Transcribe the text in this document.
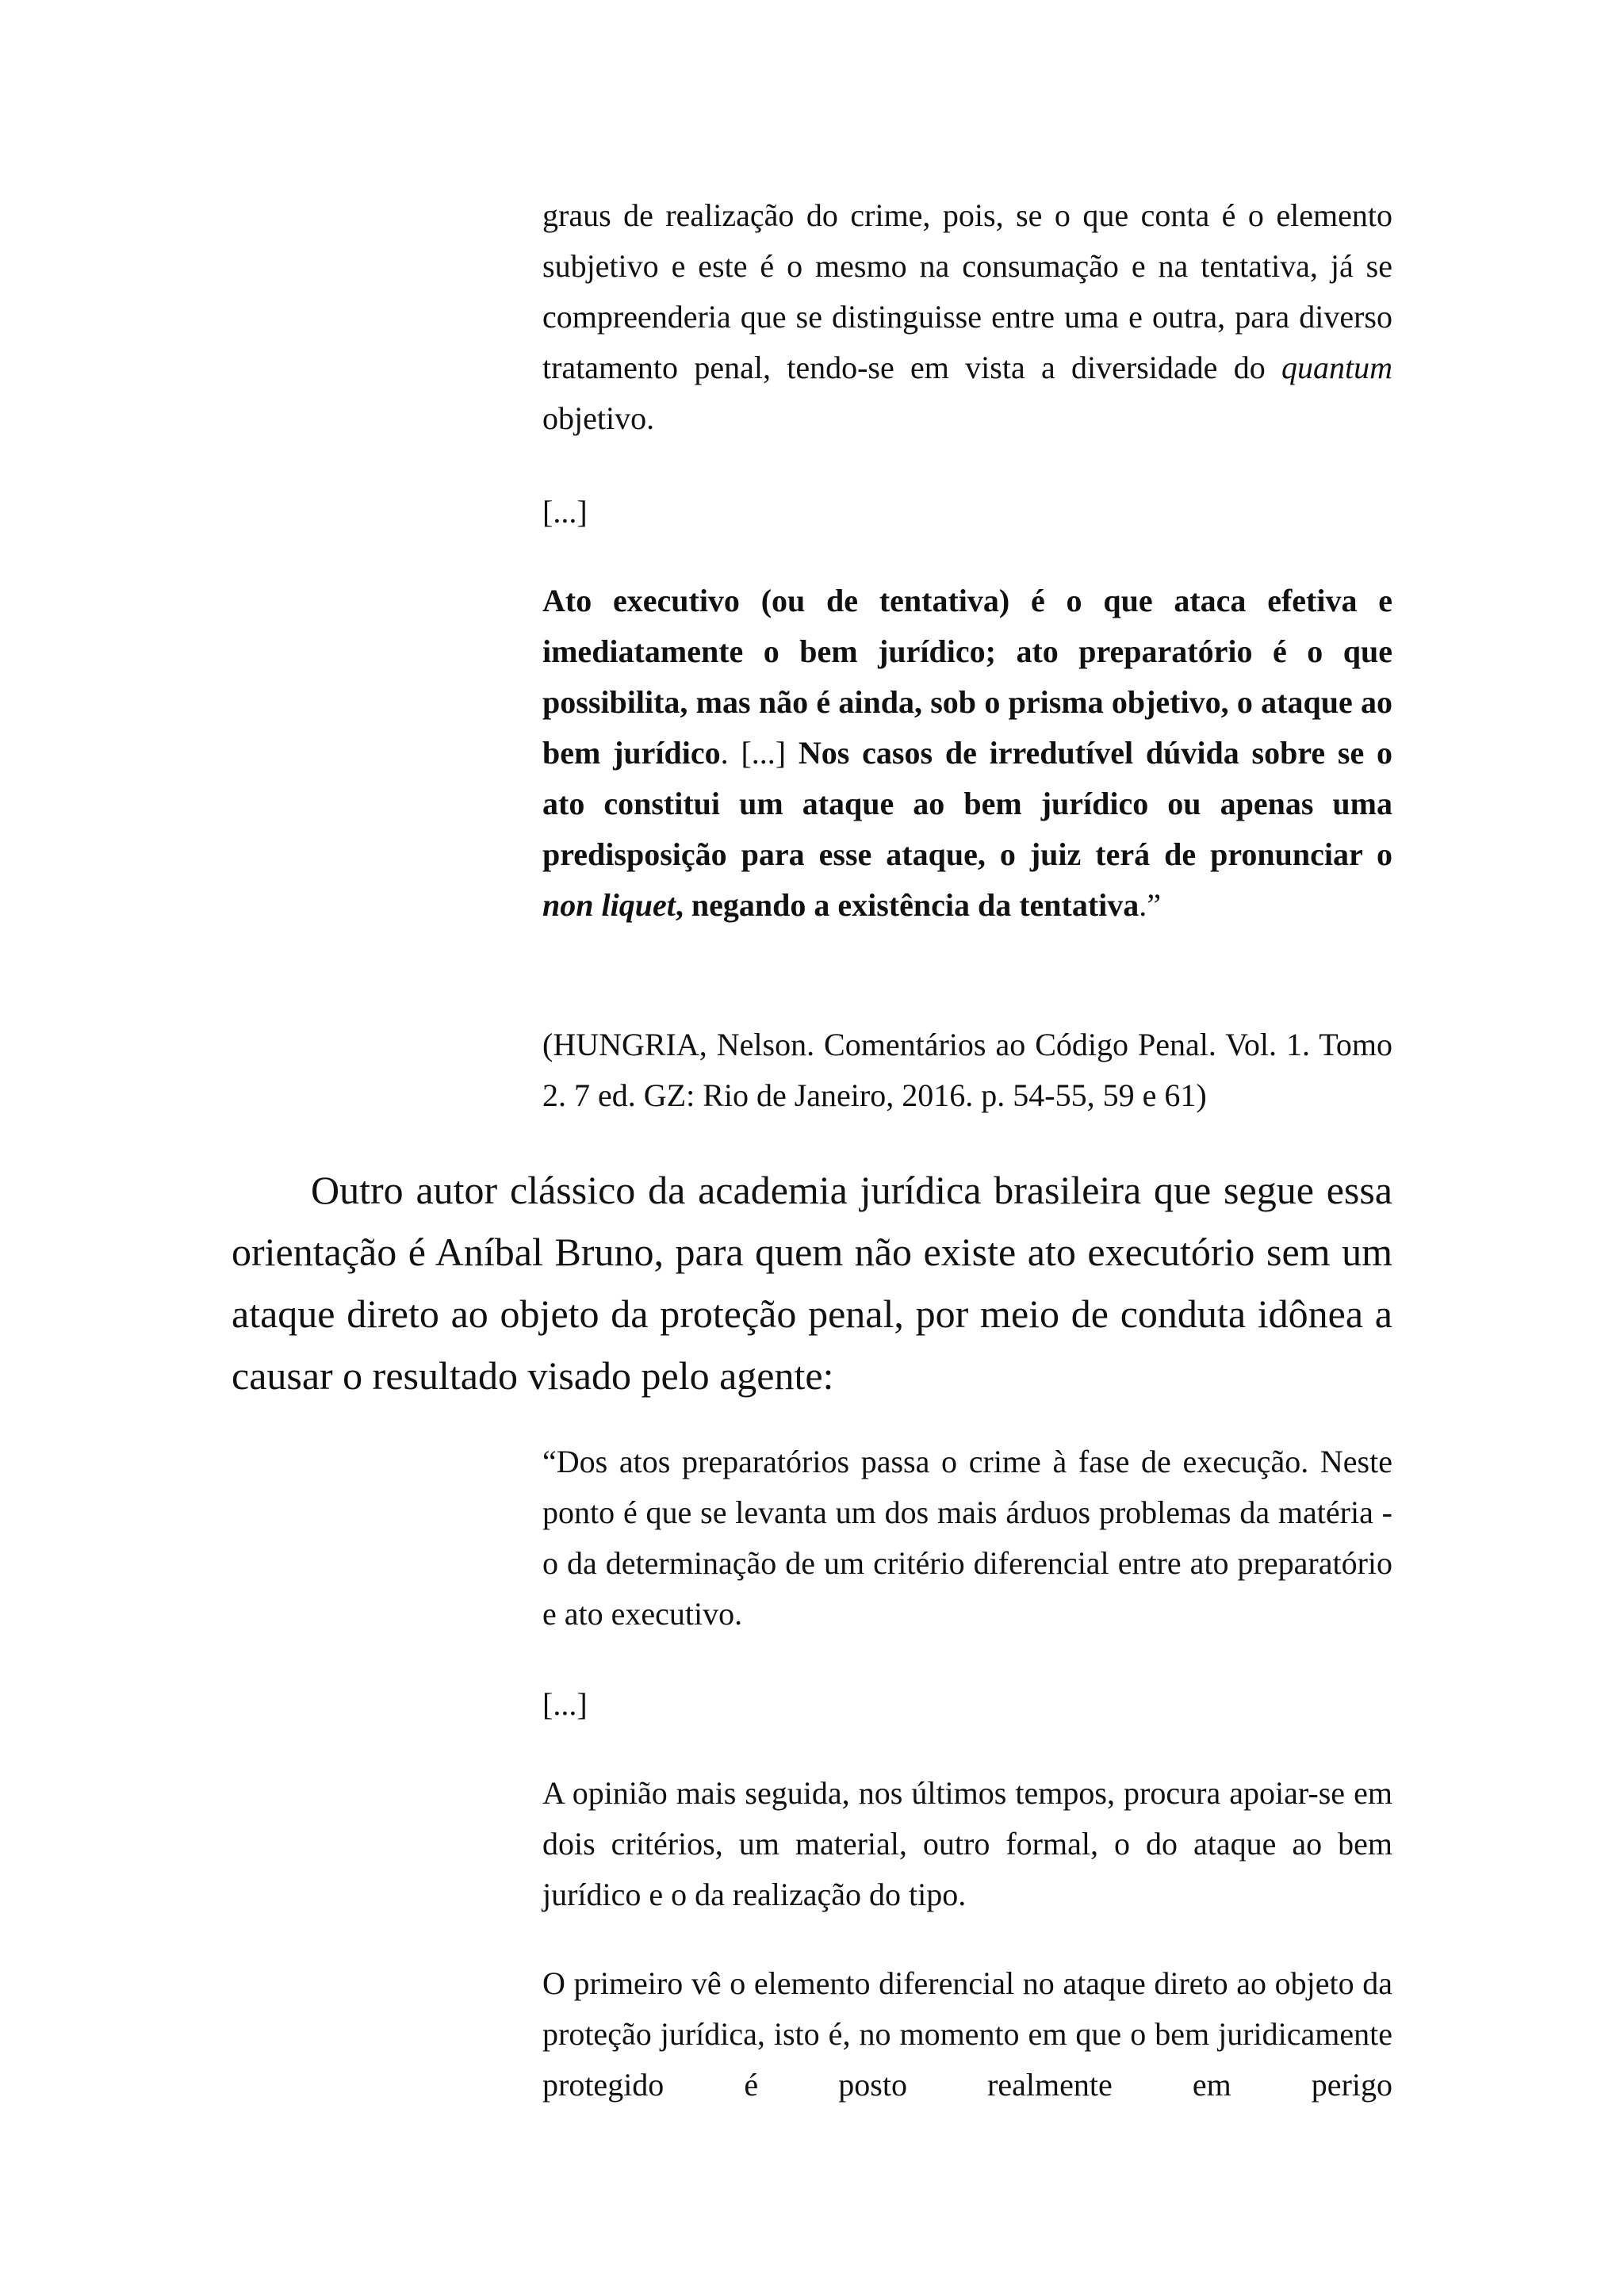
graus de realização do crime, pois, se o que conta é o elemento subjetivo e este é o mesmo na consumação e na tentativa, já se compreenderia que se distinguisse entre uma e outra, para diverso tratamento penal, tendo-se em vista a diversidade do quantum objetivo.

[...]

Ato executivo (ou de tentativa) é o que ataca efetiva e imediatamente o bem jurídico; ato preparatório é o que possibilita, mas não é ainda, sob o prisma objetivo, o ataque ao bem jurídico. [...] Nos casos de irredutível dúvida sobre se o ato constitui um ataque ao bem jurídico ou apenas uma predisposição para esse ataque, o juiz terá de pronunciar o non liquet, negando a existência da tentativa.”

(HUNGRIA, Nelson. Comentários ao Código Penal. Vol. 1. Tomo 2. 7 ed. GZ: Rio de Janeiro, 2016. p. 54-55, 59 e 61)

Outro autor clássico da academia jurídica brasileira que segue essa orientação é Aníbal Bruno, para quem não existe ato executório sem um ataque direto ao objeto da proteção penal, por meio de conduta idônea a causar o resultado visado pelo agente:

“Dos atos preparatórios passa o crime à fase de execução. Neste ponto é que se levanta um dos mais árduos problemas da matéria - o da determinação de um critério diferencial entre ato preparatório e ato executivo.

[...]

A opinião mais seguida, nos últimos tempos, procura apoiar-se em dois critérios, um material, outro formal, o do ataque ao bem jurídico e o da realização do tipo.

O primeiro vê o elemento diferencial no ataque direto ao objeto da proteção jurídica, isto é, no momento em que o bem juridicamente protegido é posto realmente em perigo
